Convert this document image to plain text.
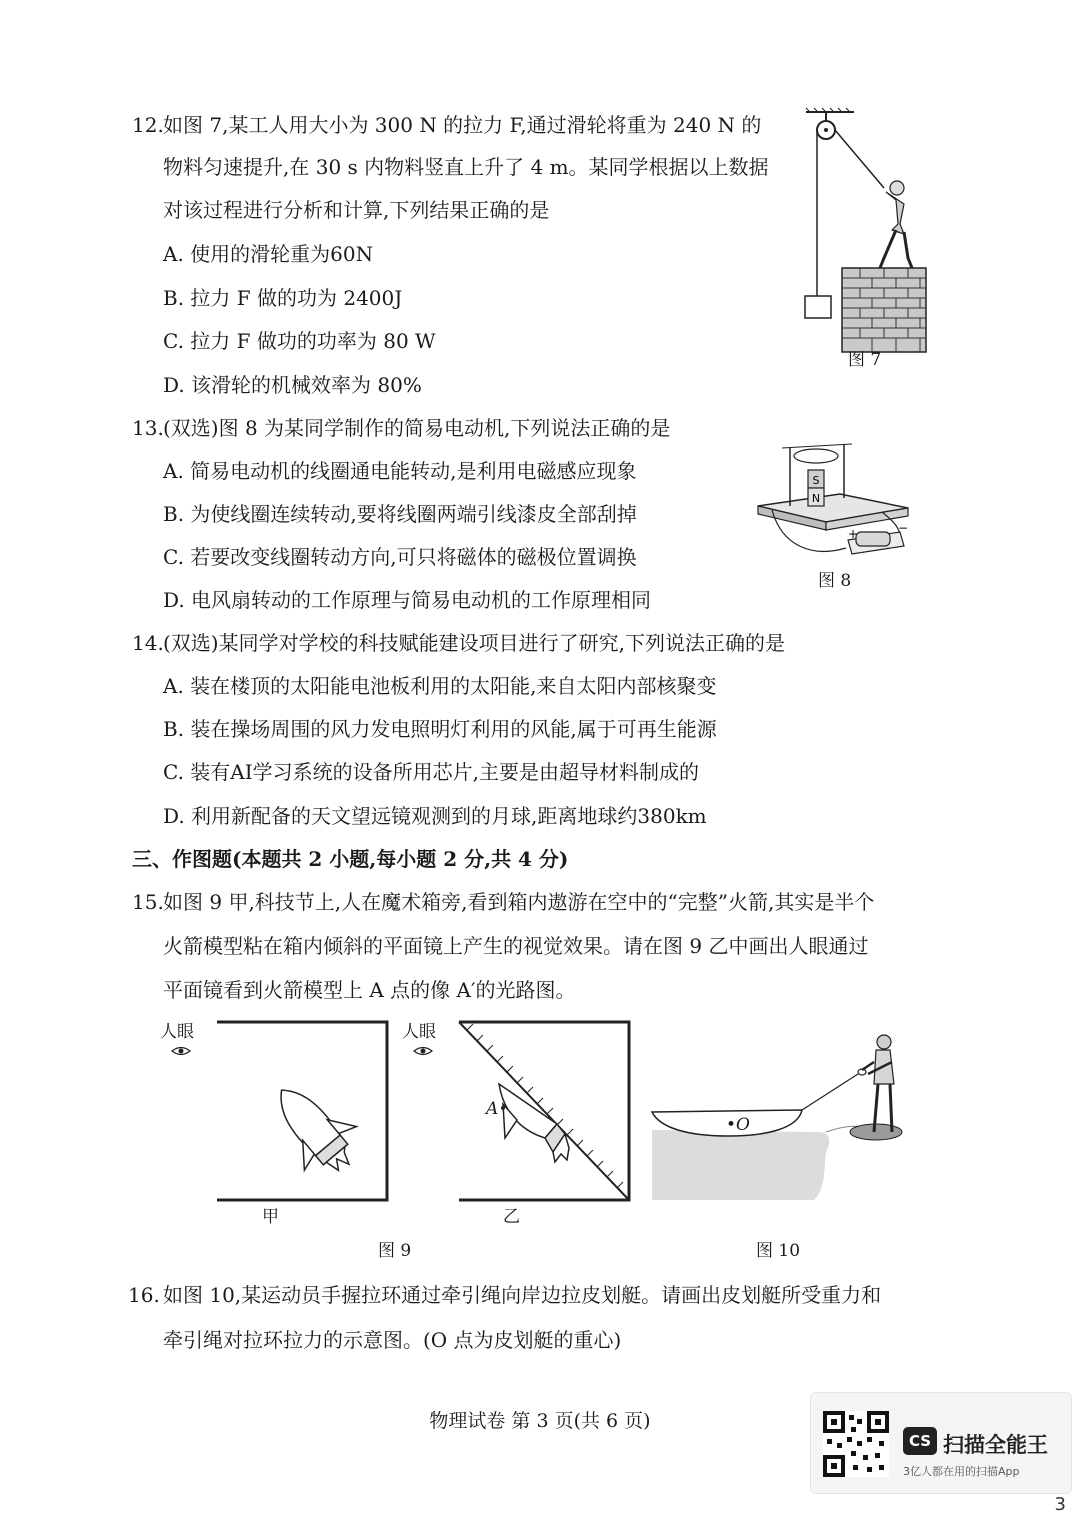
12. 如图 7,某工人用大小为 300 N 的拉力 F,通过滑轮将重为 240 N 的
物料匀速提升,在 30 s 内物料竖直上升了 4 m。某同学根据以上数据
对该过程进行分析和计算,下列结果正确的是
A. 使用的滑轮重为60N
B. 拉力 F 做的功为 2400J
C. 拉力 F 做功的功率为 80 W
D. 该滑轮的机械效率为 80%
图 7
13. (双选)图 8 为某同学制作的简易电动机,下列说法正确的是
A. 简易电动机的线圈通电能转动,是利用电磁感应现象
B. 为使线圈连续转动,要将线圈两端引线漆皮全部刮掉
C. 若要改变线圈转动方向,可只将磁体的磁极位置调换
D. 电风扇转动的工作原理与简易电动机的工作原理相同
S
N
+	−
图 8
14. (双选)某同学对学校的科技赋能建设项目进行了研究,下列说法正确的是
A. 装在楼顶的太阳能电池板利用的太阳能,来自太阳内部核聚变
B. 装在操场周围的风力发电照明灯利用的风能,属于可再生能源
C. 装有AI学习系统的设备所用芯片,主要是由超导材料制成的
D. 利用新配备的天文望远镜观测到的月球,距离地球约380km
三、作图题(本题共 2 小题,每小题 2 分,共 4 分)
15. 如图 9 甲,科技节上,人在魔术箱旁,看到箱内遨游在空中的“完整”火箭,其实是半个
火箭模型粘在箱内倾斜的平面镜上产生的视觉效果。请在图 9 乙中画出人眼通过
平面镜看到火箭模型上 A 点的像 A′的光路图。
人眼
甲
人眼
A
乙
图 9
•O
图 10
16. 如图 10,某运动员手握拉环通过牵引绳向岸边拉皮划艇。请画出皮划艇所受重力和
牵引绳对拉环拉力的示意图。(O 点为皮划艇的重心)
物理试卷 第 3 页(共 6 页)
CS 扫描全能王
3亿人都在用的扫描App
3
